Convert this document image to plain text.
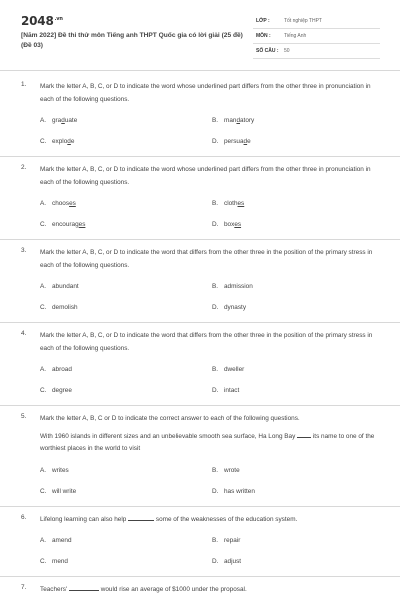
$2048^{.vn}$
[Năm 2022] Đề thi thử môn Tiếng anh THPT Quốc gia có lời giải (25 đề) (Đề 03)
LỚP :	Tốt nghiệp THPT
MÔN :	Tiếng Anh
SỐ CÂU : 50
1. Mark the letter A, B, C, or D to indicate the word whose underlined part differs from the other three in pronunciation in each of the following questions.
A. graduate	B. mandatory
C. explode	D. persuade
2. Mark the letter A, B, C, or D to indicate the word whose underlined part differs from the other three in pronunciation in each of the following questions.
A. chooses	B. clothes
C. encourages	D. boxes
3. Mark the letter A, B, C, or D to indicate the word that differs from the other three in the position of the primary stress in each of the following questions.
A. abundant	B. admission
C. demolish	D. dynasty
4. Mark the letter A, B, C, or D to indicate the word that differs from the other three in the position of the primary stress in each of the following questions.
A. abroad	B. dweller
C. degree	D. intact
5. Mark the letter A, B, C or D to indicate the correct answer to each of the following questions.
With 1960 islands in different sizes and an unbelievable smooth sea surface, Ha Long Bay	its name to one of the worthiest places in the world to visit
A. writes	B. wrote
C. will write	D. has written
6. Lifelong learning can also help	some of the weaknesses of the education system.
A. amend	B. repair
C. mend	D. adjust
7. Teachers'	would rise an average of $1000 under the proposal.
